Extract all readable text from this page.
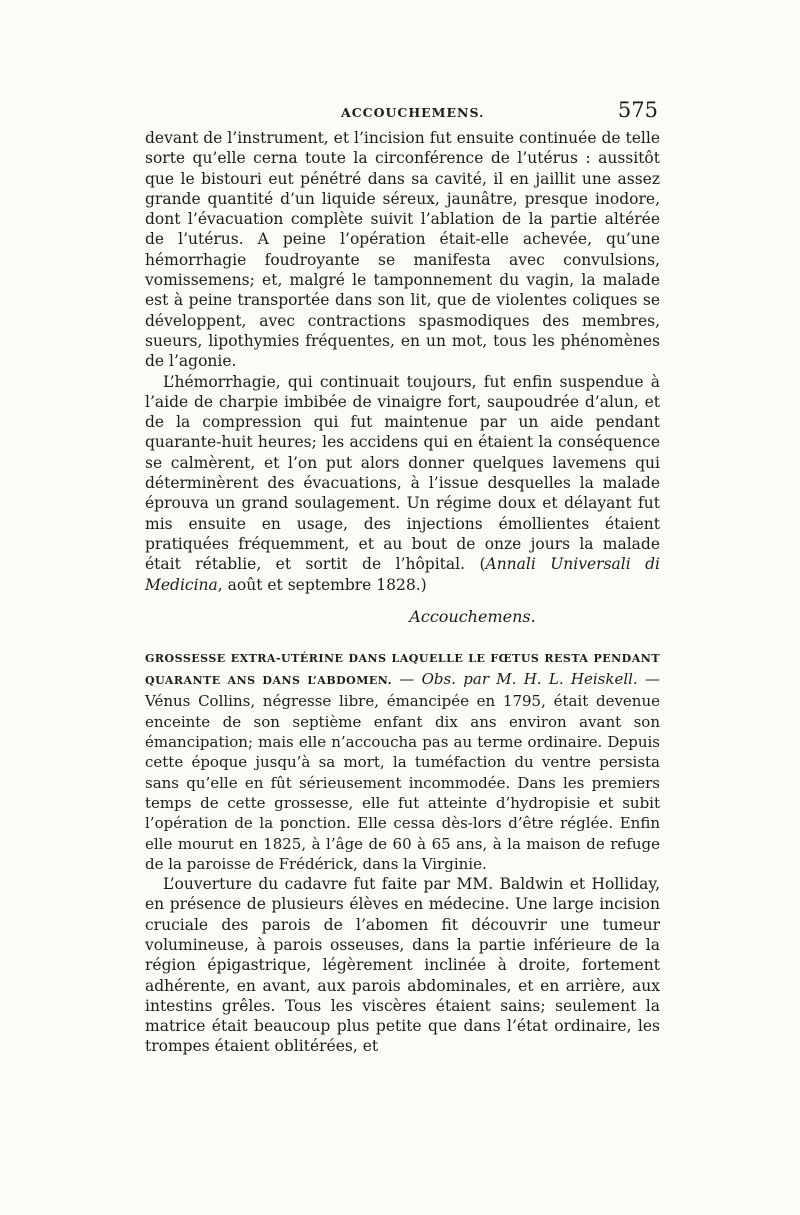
ACCOUCHEMENS.	575

devant de l’instrument, et l’incision fut ensuite continuée de telle sorte qu’elle cerna toute la circonférence de l’utérus : aussitôt que le bistouri eut pénétré dans sa cavité, il en jaillit une assez grande quantité d’un liquide séreux, jaunâtre, presque inodore, dont l’évacuation complète suivit l’ablation de la partie altérée de l’utérus. A peine l’opération était-elle achevée, qu’une hémorrhagie foudroyante se manifesta avec convulsions, vomissemens; et, malgré le tamponnement du vagin, la malade est à peine transportée dans son lit, que de violentes coliques se développent, avec contractions spasmodiques des membres, sueurs, lipothymies fréquentes, en un mot, tous les phénomènes de l’agonie.

L’hémorrhagie, qui continuait toujours, fut enfin suspendue à l’aide de charpie imbibée de vinaigre fort, saupoudrée d’alun, et de la compression qui fut maintenue par un aide pendant quarante-huit heures; les accidens qui en étaient la conséquence se calmèrent, et l’on put alors donner quelques lavemens qui déterminèrent des évacuations, à l’issue desquelles la malade éprouva un grand soulagement. Un régime doux et délayant fut mis ensuite en usage, des injections émollientes étaient pratiquées fréquemment, et au bout de onze jours la malade était rétablie, et sortit de l’hôpital. (Annali Universali di Medicina, août et septembre 1828.)

Accouchemens.

GROSSESSE EXTRA-UTÉRINE DANS LAQUELLE LE FŒTUS RESTA PENDANT QUARANTE ANS DANS L’ABDOMEN. — Obs. par M. H. L. Heiskell. — Vénus Collins, négresse libre, émancipée en 1795, était devenue enceinte de son septième enfant dix ans environ avant son émancipation; mais elle n’accoucha pas au terme ordinaire. Depuis cette époque jusqu’à sa mort, la tuméfaction du ventre persista sans qu’elle en fût sérieusement incommodée. Dans les premiers temps de cette grossesse, elle fut atteinte d’hydropisie et subit l’opération de la ponction. Elle cessa dès-lors d’être réglée. Enfin elle mourut en 1825, à l’âge de 60 à 65 ans, à la maison de refuge de la paroisse de Frédérick, dans la Virginie.

L’ouverture du cadavre fut faite par MM. Baldwin et Holliday, en présence de plusieurs élèves en médecine. Une large incision cruciale des parois de l’abomen fit découvrir une tumeur volumineuse, à parois osseuses, dans la partie inférieure de la région épigastrique, légèrement inclinée à droite, fortement adhérente, en avant, aux parois abdominales, et en arrière, aux intestins grêles. Tous les viscères étaient sains; seulement la matrice était beaucoup plus petite que dans l’état ordinaire, les trompes étaient oblitérées, et
